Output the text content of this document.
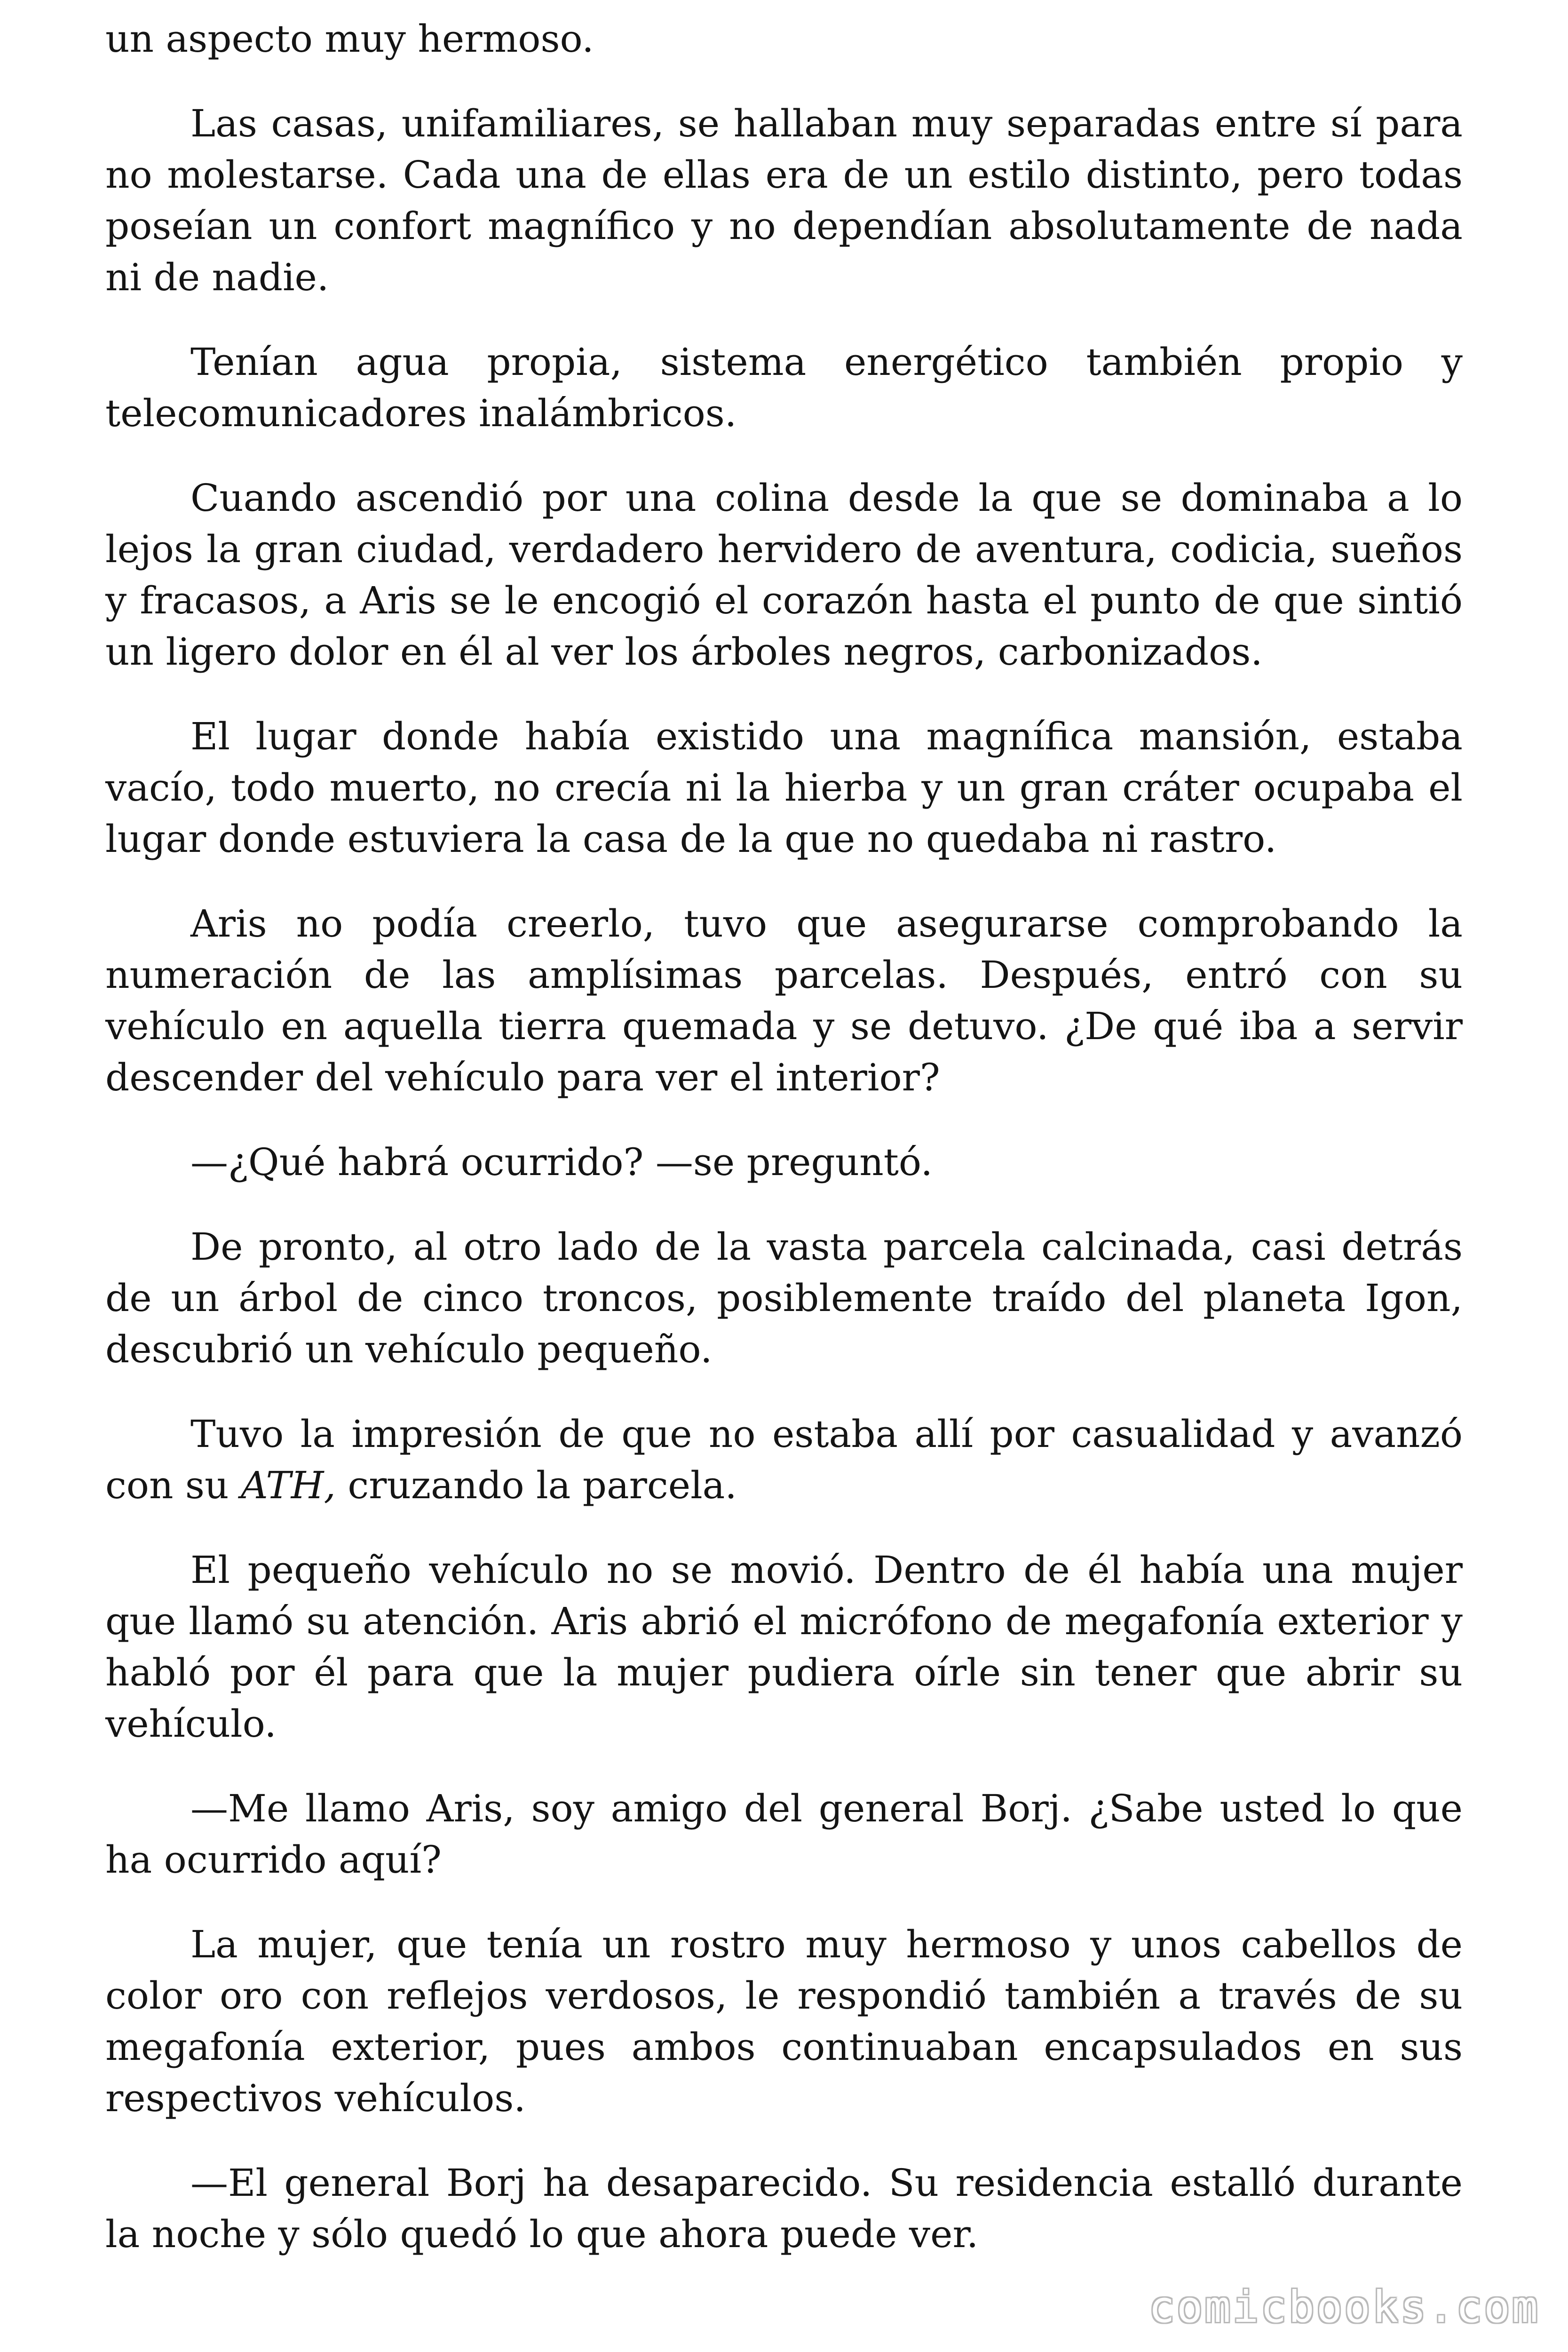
un aspecto muy hermoso.

Las casas, unifamiliares, se hallaban muy separadas entre sí para no molestarse. Cada una de ellas era de un estilo distinto, pero todas poseían un confort magnífico y no dependían absolutamente de nada ni de nadie.

Tenían agua propia, sistema energético también propio y telecomunicadores inalámbricos.

Cuando ascendió por una colina desde la que se dominaba a lo lejos la gran ciudad, verdadero hervidero de aventura, codicia, sueños y fracasos, a Aris se le encogió el corazón hasta el punto de que sintió un ligero dolor en él al ver los árboles negros, carbonizados.

El lugar donde había existido una magnífica mansión, estaba vacío, todo muerto, no crecía ni la hierba y un gran cráter ocupaba el lugar donde estuviera la casa de la que no quedaba ni rastro.

Aris no podía creerlo, tuvo que asegurarse comprobando la numeración de las amplísimas parcelas. Después, entró con su vehículo en aquella tierra quemada y se detuvo. ¿De qué iba a servir descender del vehículo para ver el interior?

—¿Qué habrá ocurrido? —se preguntó.

De pronto, al otro lado de la vasta parcela calcinada, casi detrás de un árbol de cinco troncos, posiblemente traído del planeta Igon, descubrió un vehículo pequeño.

Tuvo la impresión de que no estaba allí por casualidad y avanzó con su ATH, cruzando la parcela.

El pequeño vehículo no se movió. Dentro de él había una mujer que llamó su atención. Aris abrió el micrófono de megafonía exterior y habló por él para que la mujer pudiera oírle sin tener que abrir su vehículo.

—Me llamo Aris, soy amigo del general Borj. ¿Sabe usted lo que ha ocurrido aquí?

La mujer, que tenía un rostro muy hermoso y unos cabellos de color oro con reflejos verdosos, le respondió también a través de su megafonía exterior, pues ambos continuaban encapsulados en sus respectivos vehículos.

—El general Borj ha desaparecido. Su residencia estalló durante la noche y sólo quedó lo que ahora puede ver.

comicbooks.com
